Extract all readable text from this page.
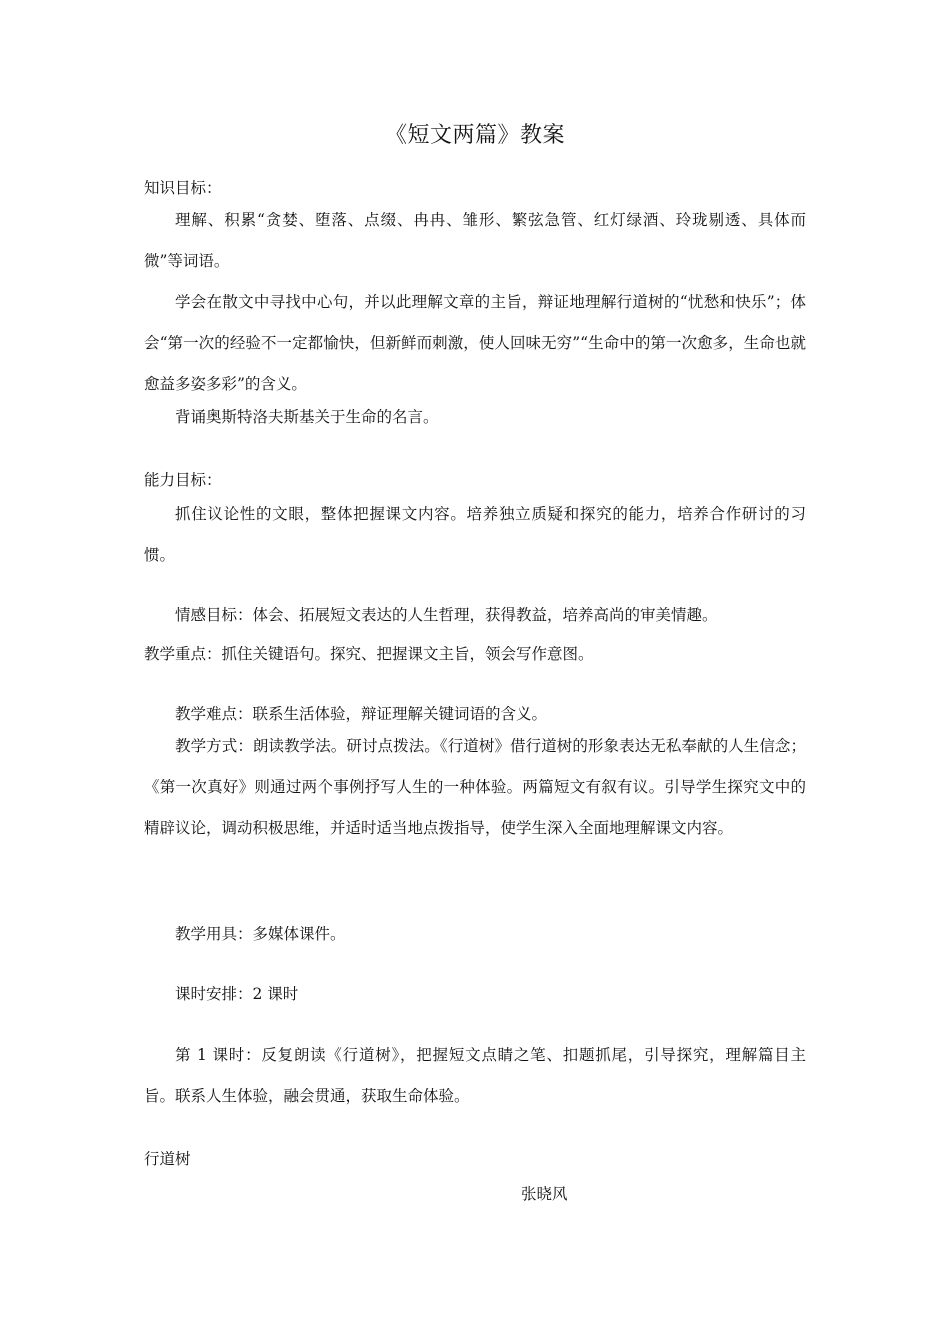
《短文两篇》教案
知识目标：
理解、积累“贪婪、堕落、点缀、冉冉、雏形、繁弦急管、红灯绿酒、玲珑剔透、具体而微”等词语。
学会在散文中寻找中心句，并以此理解文章的主旨，辩证地理解行道树的“忧愁和快乐”；体会“第一次的经验不一定都愉快，但新鲜而刺激，使人回味无穷”“生命中的第一次愈多，生命也就愈益多姿多彩”的含义。
背诵奥斯特洛夫斯基关于生命的名言。
能力目标：
抓住议论性的文眼，整体把握课文内容。培养独立质疑和探究的能力，培养合作研讨的习惯。
情感目标：体会、拓展短文表达的人生哲理，获得教益，培养高尚的审美情趣。
教学重点：抓住关键语句。探究、把握课文主旨，领会写作意图。
教学难点：联系生活体验，辩证理解关键词语的含义。
教学方式：朗读教学法。研讨点拨法。《行道树》借行道树的形象表达无私奉献的人生信念；《第一次真好》则通过两个事例抒写人生的一种体验。两篇短文有叙有议。引导学生探究文中的精辟议论，调动积极思维，并适时适当地点拨指导，使学生深入全面地理解课文内容。
教学用具：多媒体课件。
课时安排：2 课时
第 1 课时：反复朗读《行道树》，把握短文点睛之笔、扣题抓尾，引导探究，理解篇目主旨。联系人生体验，融会贯通，获取生命体验。
行道树
张晓风
